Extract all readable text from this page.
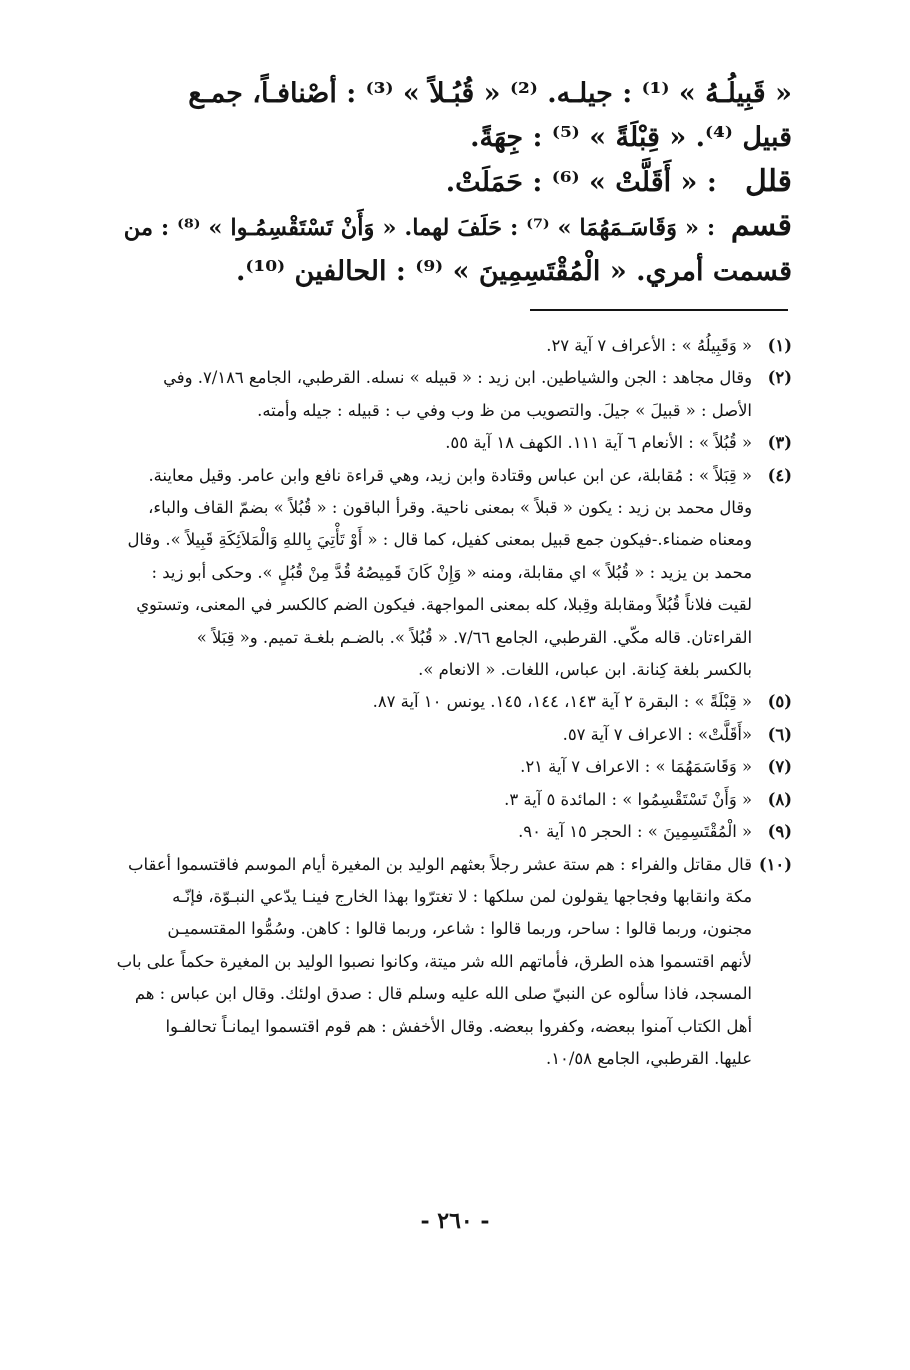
« قَبِيلُـهُ » ⁽¹⁾ : جيلـه. ⁽²⁾ « قُبُـلاً » ⁽³⁾ : أصْنافـاً، جمـع
قبيل ⁽⁴⁾. « قِبْلَةً » ⁽⁵⁾ : جِهَةً.
قلل   : « أَقَلَّتْ » ⁽⁶⁾ : حَمَلَتْ.
قسم  : « وَقَاسَـمَهُمَا » ⁽⁷⁾ : حَلَفَ لهما. « وَأَنْ تَسْتَقْسِمُـوا » ⁽⁸⁾ : من
قسمت أمري. « الْمُقْتَسِمِينَ » ⁽⁹⁾ : الحالفين ⁽¹⁰⁾.
(١)
« وَقَبِيلُهُ » : الأعراف ٧ آية ٢٧.
(٢)
وقال مجاهد : الجن والشياطين. ابن زيد : « قبيله » نسله. القرطبي، الجامع ٧/١٨٦. وفي
الأصل : « قبيلَ » جيلَ. والتصويب من ظ وب وفي ب : قبيله : جيله وأمته.
(٣)
« قُبُلاً » : الأنعام ٦ آية ١١١. الكهف ١٨ آية ٥٥.
(٤)
« قِبَلاً » : مُقابلة، عن ابن عباس وقتادة وابن زيد، وهي قراءة نافع وابن عامر. وقيل معاينة.
وقال محمد بن زيد : يكون « قبلاً » بمعنى ناحية. وقرأ الباقون : « قُبُلاً » بضمّ القاف والباء،
ومعناه ضمناء.-فيكون جمع قبيل بمعنى كفيل، كما قال : « أَوْ تَأْتِيَ بِاللهِ وَالْمَلاَئِكَةِ قَبِيلاً ». وقال
محمد بن يزيد : « قُبُلاً » اي مقابلة، ومنه « وَإِنْ كَانَ قَمِيصُهُ قُدَّ مِنْ قُبُلٍ ». وحكى أبو زيد :
لقيت فلاناً قُبُلاً ومقابلة وقِبلا، كله بمعنى المواجهة. فيكون الضم كالكسر في المعنى، وتستوي
القراءتان. قاله مكّي. القرطبي، الجامع ٧/٦٦. « قُبُلاً ». بالضـم بلغـة تميم. و« قِبَلاً »
بالكسر بلغة كِنانة. ابن عباس، اللغات. « الانعام ».
(٥)
« قِبْلَةً » : البقرة ٢ آية ١٤٣، ١٤٤، ١٤٥. يونس ١٠ آية ٨٧.
(٦)
«أَقَلَّتْ» : الاعراف ٧ آية ٥٧.
(٧)
« وَقَاسَمَهُمَا » : الاعراف ٧ آية ٢١.
(٨)
« وَأَنْ تَسْتَقْسِمُوا » : المائدة ٥ آية ٣.
(٩)
« الْمُقْتَسِمِينَ » : الحجر ١٥ آية ٩٠.
(١٠)
قال مقاتل والفراء : هم ستة عشر رجلاً بعثهم الوليد بن المغيرة أيام الموسم فاقتسموا أعقاب
مكة وانقابها وفجاجها يقولون لمن سلكها : لا تغترّوا بهذا الخارج فينـا يدّعي النبـوّة، فإنّـه
مجنون، وربما قالوا : ساحر، وربما قالوا : شاعر، وربما قالوا : كاهن. وسُمُّوا المقتسميـن
لأنهم اقتسموا هذه الطرق، فأماتهم الله شر ميتة، وكانوا نصبوا الوليد بن المغيرة حكماً على باب
المسجد، فاذا سألوه عن النبيّ صلى الله عليه وسلم قال : صدق اولئك. وقال ابن عباس : هم
أهل الكتاب آمنوا ببعضه، وكفروا ببعضه. وقال الأخفش : هم قوم اقتسموا ايمانـاً تحالفـوا
عليها. القرطبي، الجامع ١٠/٥٨.
- ٢٦٠ -
